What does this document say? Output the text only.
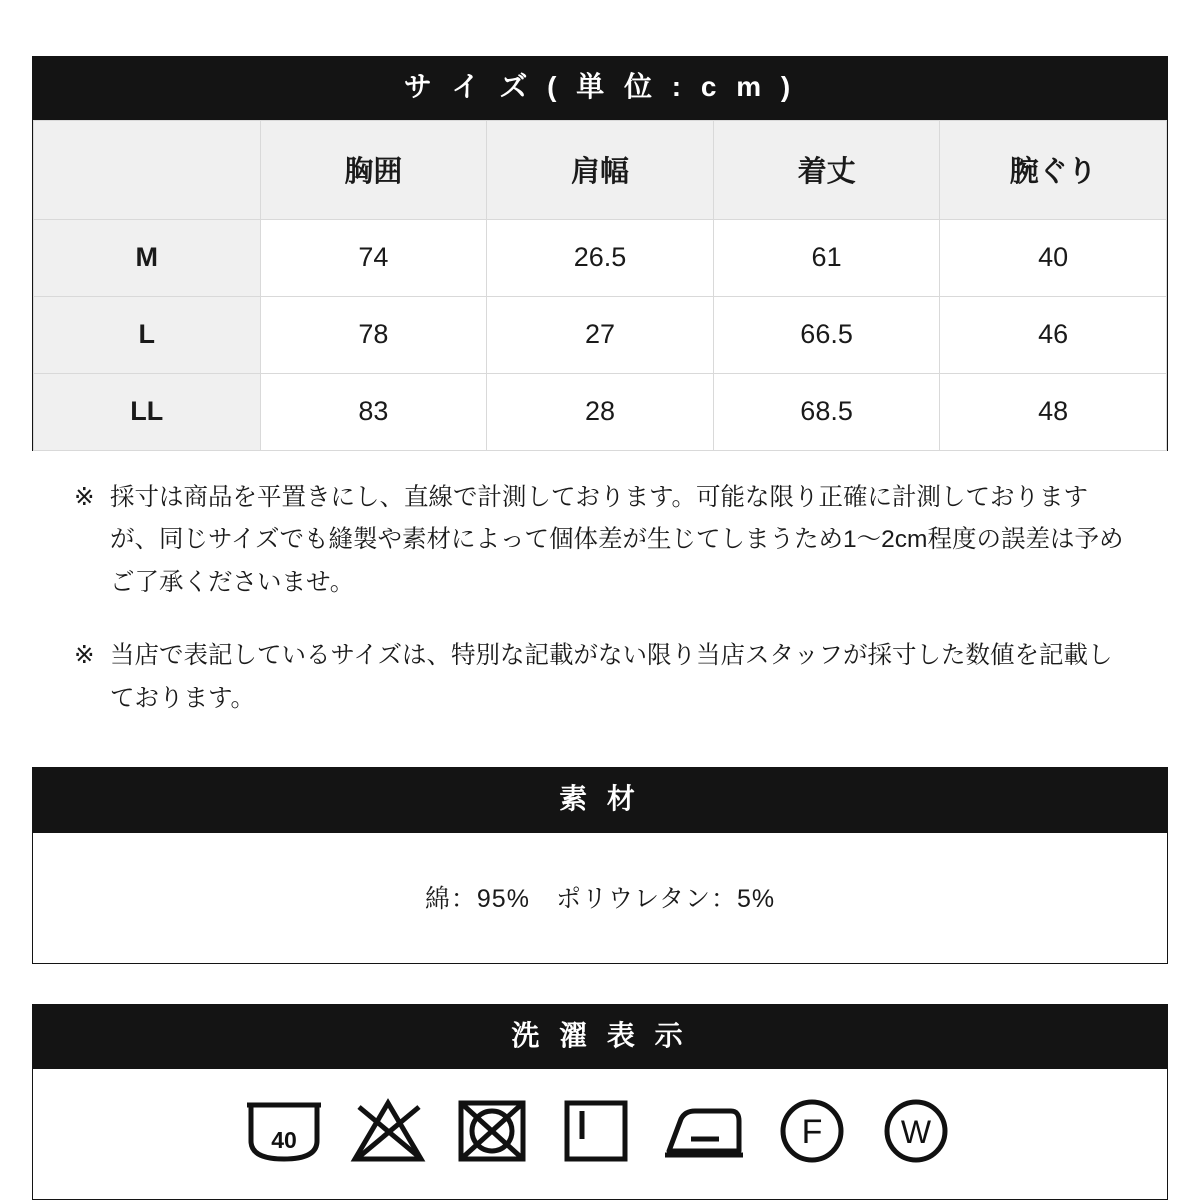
サ イ ズ ( 単 位 : c m )
	胸囲	肩幅	着丈	腕ぐり
M	74	26.5	61	40
L	78	27	66.5	46
LL	83	28	68.5	48

※ 採寸は商品を平置きにし、直線で計測しております。可能な限り正確に計測しておりますが、同じサイズでも縫製や素材によって個体差が生じてしまうため1〜2cm程度の誤差は予めご了承くださいませ。

※ 当店で表記しているサイズは、特別な記載がない限り当店スタッフが採寸した数値を記載しております。

素 材
綿：95%　ポリウレタン：5%
洗 濯 表 示
40	F W
